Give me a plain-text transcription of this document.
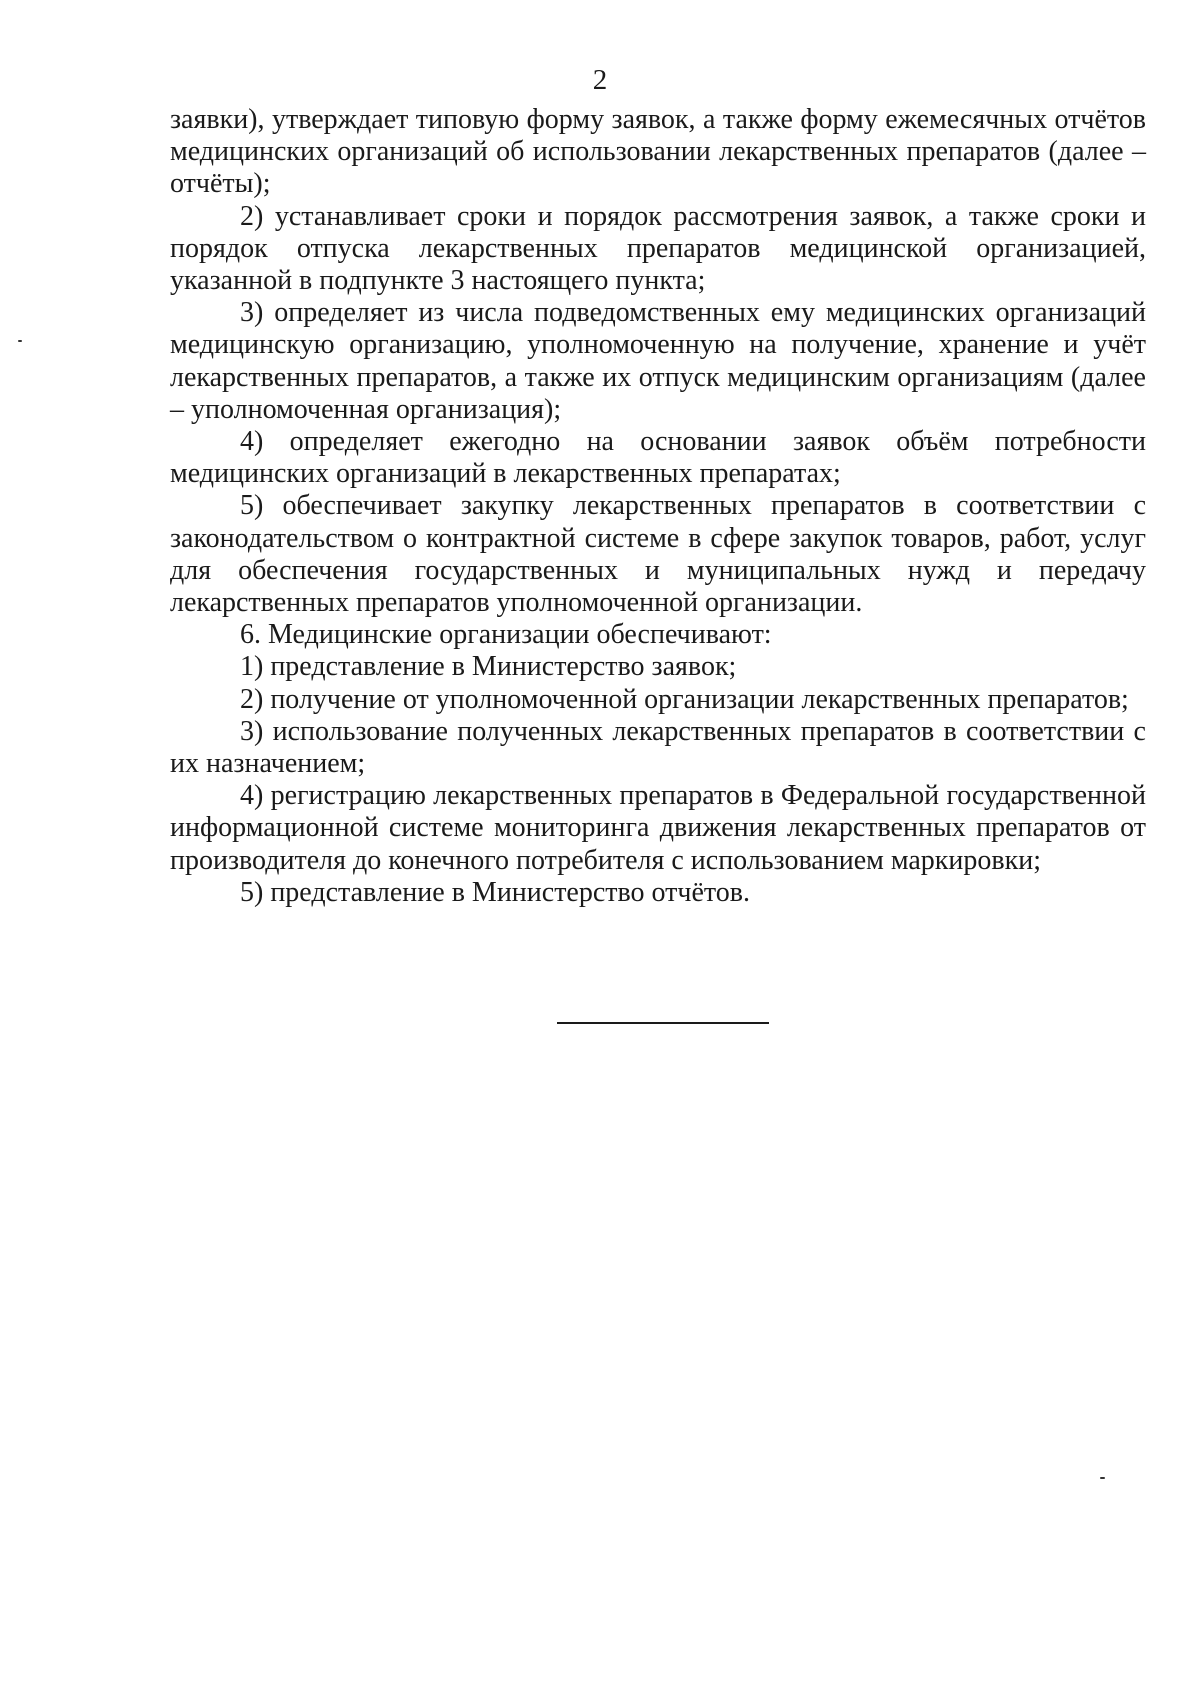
2

заявки), утверждает типовую форму заявок, а также форму ежемесячных отчётов медицинских организаций об использовании лекарственных препаратов (далее – отчёты);

2) устанавливает сроки и порядок рассмотрения заявок, а также сроки и порядок отпуска лекарственных препаратов медицинской организацией, указанной в подпункте 3 настоящего пункта;

3) определяет из числа подведомственных ему медицинских организаций медицинскую организацию, уполномоченную на получение, хранение и учёт лекарственных препаратов, а также их отпуск медицинским организациям (далее – уполномоченная организация);

4) определяет ежегодно на основании заявок объём потребности медицинских организаций в лекарственных препаратах;

5) обеспечивает закупку лекарственных препаратов в соответствии с законодательством о контрактной системе в сфере закупок товаров, работ, услуг для обеспечения государственных и муниципальных нужд и передачу лекарственных препаратов уполномоченной организации.

6. Медицинские организации обеспечивают:

1) представление в Министерство заявок;

2) получение от уполномоченной организации лекарственных препаратов;

3) использование полученных лекарственных препаратов в соответствии с их назначением;

4) регистрацию лекарственных препаратов в Федеральной государственной информационной системе мониторинга движения лекарственных препаратов от производителя до конечного потребителя с использованием маркировки;

5) представление в Министерство отчётов.
